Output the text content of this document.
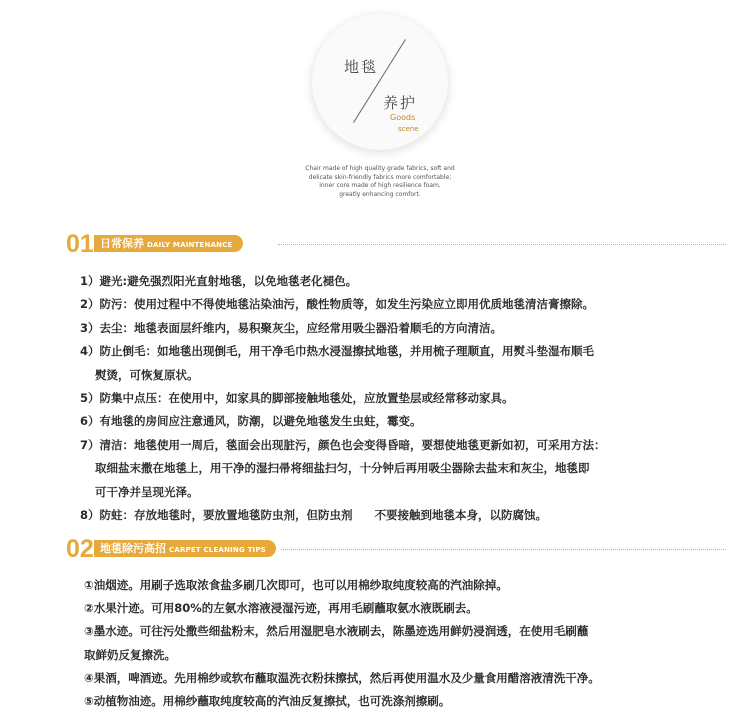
地毯
养护
Goods
scene
Chair made of high quality grade fabrics, soft and
delicate skin-friendly fabrics more comfortable;
inner core made of high resilience foam,
greatly enhancing comfort.
01 日常保养 DAILY MAINTENANCE
1）避光:避免强烈阳光直射地毯，以免地毯老化褪色。
2）防污：使用过程中不得使地毯沾染油污，酸性物质等，如发生污染应立即用优质地毯清洁膏擦除。
3）去尘：地毯表面层纤维内，易积聚灰尘，应经常用吸尘器沿着顺毛的方向清洁。
4）防止倒毛：如地毯出现倒毛，用干净毛巾热水浸湿擦拭地毯，并用梳子理顺直，用熨斗垫湿布顺毛
熨烫，可恢复原状。
5）防集中点压：在使用中，如家具的脚部接触地毯处，应放置垫层或经常移动家具。
6）有地毯的房间应注意通风，防潮，以避免地毯发生虫蛀，霉变。
7）清洁：地毯使用一周后，毯面会出现脏污，颜色也会变得昏暗，要想使地毯更新如初，可采用方法：
取细盐末撒在地毯上，用干净的湿扫帚将细盐扫匀，十分钟后再用吸尘器除去盐末和灰尘，地毯即
可干净并呈现光泽。
8）防蛀：存放地毯时，要放置地毯防虫剂，但防虫剂 不要接触到地毯本身，以防腐蚀。
02 地毯除污高招 CARPET CLEANING TIPS
①油烟迹。用刷子选取浓食盐多刷几次即可，也可以用棉纱取纯度较高的汽油除掉。
②水果汁迹。可用80%的左氨水溶液浸湿污迹，再用毛刷蘸取氨水液既刷去。
③墨水迹。可往污处撒些细盐粉末，然后用湿肥皂水液刷去，陈墨迹选用鲜奶浸润透，在使用毛刷蘸
取鲜奶反复擦洗。
④果酒，啤酒迹。先用棉纱或软布蘸取温洗衣粉抹擦拭，然后再使用温水及少量食用醋溶液清洗干净。
⑤动植物油迹。用棉纱蘸取纯度较高的汽油反复擦拭，也可洗涤剂擦刷。
